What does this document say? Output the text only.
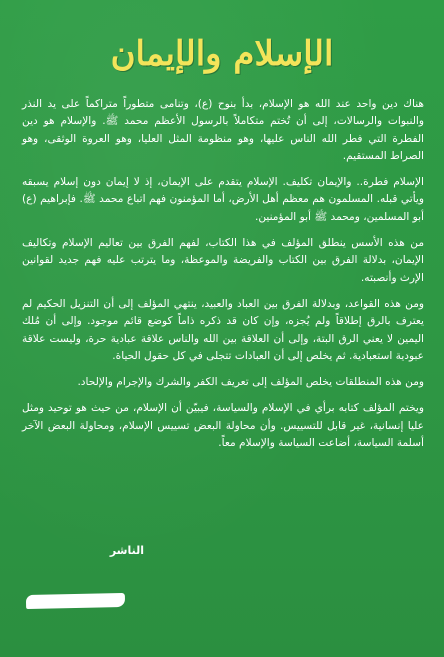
الإسلام والإيمان

هناك دين واحد عند الله هو الإسلام، بدأ بنوح (ع)، وتنامى متطوراً متراكماً على يد النذر والنبوات والرسالات، إلى أن تُختم متكاملاً بالرسول الأعظم محمد ﷺ. والإسلام هو دين الفطرة التي فطر الله الناس عليها، وهو منظومة المثل العليا، وهو العروة الوثقى، وهو الصراط المستقيم.

الإسلام فطرة.. والإيمان تكليف. الإسلام يتقدم على الإيمان، إذ لا إيمان دون إسلام يسبقه ويأتي قبله. المسلمون هم معظم أهل الأرض، أما المؤمنون فهم اتباع محمد ﷺ. فإبراهيم (ع) أبو المسلمين، ومحمد ﷺ أبو المؤمنين.

من هذه الأسس ينطلق المؤلف في هذا الكتاب، لفهم الفرق بين تعاليم الإسلام وتكاليف الإيمان، بدلالة الفرق بين الكتاب والفريضة والموعظة، وما يترتب عليه فهم جديد لقوانين الإرث وأنصبته.

ومن هذه القواعد، وبدلالة الفرق بين العباد والعبيد، ينتهي المؤلف إلى أن التنزيل الحكيم لم يعترف بالرق إطلاقاً ولم يُجزه، وإن كان قد ذكره ذاماً كوضع قائم موجود. وإلى أن مُلك اليمين لا يعني الرق البتة، وإلى أن العلاقة بين الله والناس علاقة عبادية حرة، وليست علاقة عبودية استعبادية. ثم يخلص إلى أن العبادات تتجلى في كل حقول الحياة.

ومن هذه المنطلقات يخلص المؤلف إلى تعريف الكفر والشرك والإجرام والإلحاد.

ويختم المؤلف كتابه برأي في الإسلام والسياسة، فيبيّن أن الإسلام، من حيث هو توحيد ومثل عليا إنسانية، غير قابل للتسييس. وأن محاولة البعض تسييس الإسلام، ومحاولة البعض الآخر أسلمة السياسة، أضاعت السياسة والإسلام معاً.

الناشر
